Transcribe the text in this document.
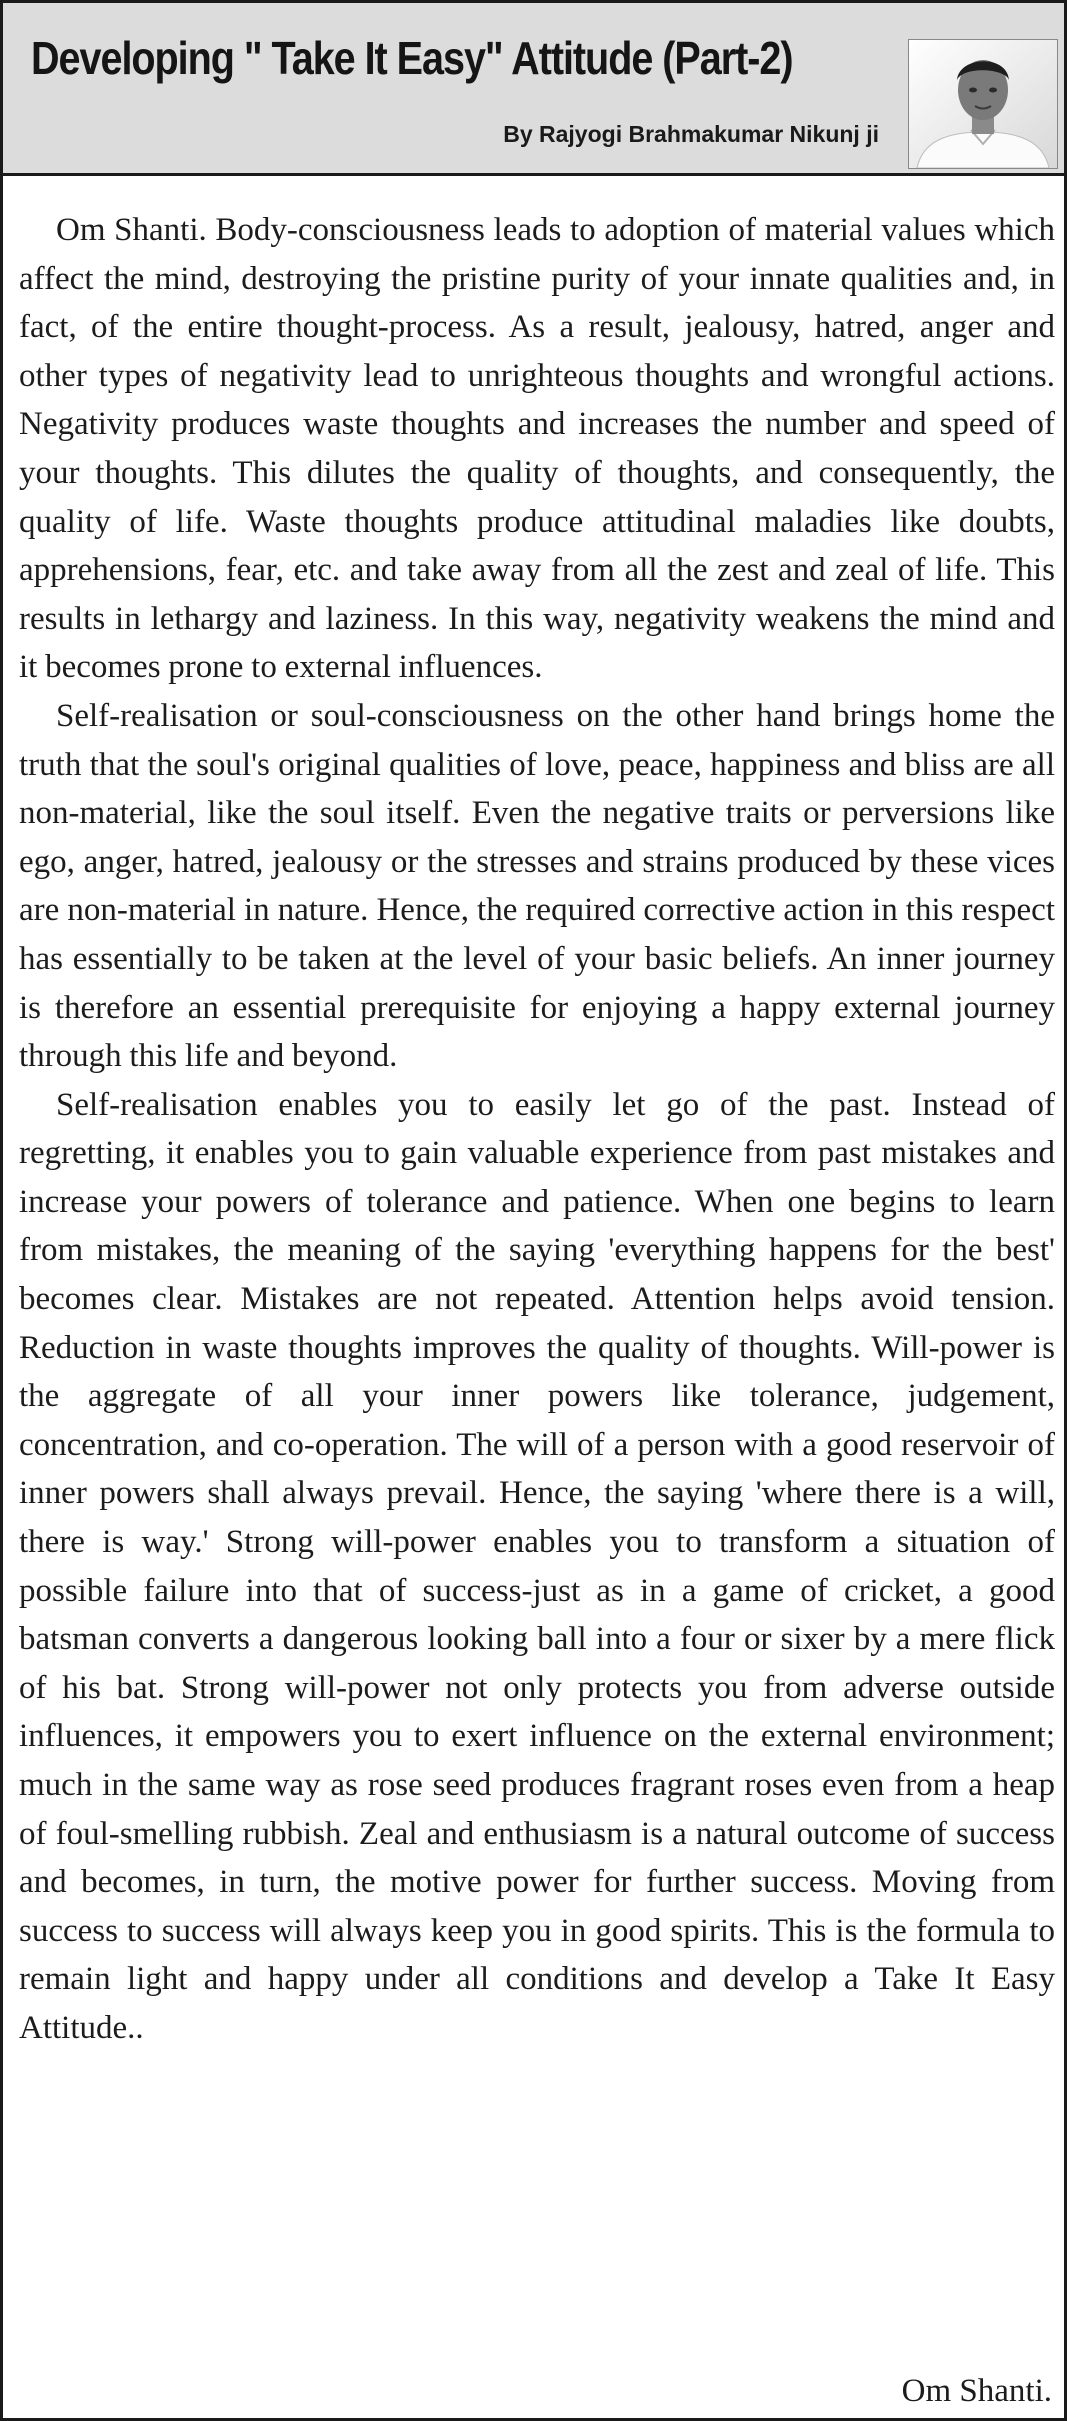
Developing " Take It Easy" Attitude (Part-2)
By Rajyogi Brahmakumar Nikunj ji

Om Shanti. Body-consciousness leads to adoption of material values which affect the mind, destroying the pristine purity of your innate qualities and, in fact, of the entire thought-process. As a result, jealousy, hatred, anger and other types of negativity lead to unrighteous thoughts and wrongful actions. Negativity produces waste thoughts and increases the number and speed of your thoughts. This dilutes the quality of thoughts, and consequently, the quality of life. Waste thoughts produce attitudinal maladies like doubts, apprehensions, fear, etc. and take away from all the zest and zeal of life. This results in lethargy and laziness. In this way, negativity weakens the mind and it becomes prone to external influences.

Self-realisation or soul-consciousness on the other hand brings home the truth that the soul's original qualities of love, peace, happiness and bliss are all non-material, like the soul itself. Even the negative traits or perversions like ego, anger, hatred, jealousy or the stresses and strains produced by these vices are non-material in nature. Hence, the required corrective action in this respect has essentially to be taken at the level of your basic beliefs. An inner journey is therefore an essential prerequisite for enjoying a happy external journey through this life and beyond.

Self-realisation enables you to easily let go of the past. Instead of regretting, it enables you to gain valuable experience from past mistakes and increase your powers of tolerance and patience. When one begins to learn from mistakes, the meaning of the saying 'everything happens for the best' becomes clear. Mistakes are not repeated. Attention helps avoid tension. Reduction in waste thoughts improves the quality of thoughts. Will-power is the aggregate of all your inner powers like tolerance, judgement, concentration, and co-operation. The will of a person with a good reservoir of inner powers shall always prevail. Hence, the saying 'where there is a will, there is way.' Strong will-power enables you to transform a situation of possible failure into that of success-just as in a game of cricket, a good batsman converts a dangerous looking ball into a four or sixer by a mere flick of his bat. Strong will-power not only protects you from adverse outside influences, it empowers you to exert influence on the external environment; much in the same way as rose seed produces fragrant roses even from a heap of foul-smelling rubbish. Zeal and enthusiasm is a natural outcome of success and becomes, in turn, the motive power for further success. Moving from success to success will always keep you in good spirits. This is the formula to remain light and happy under all conditions and develop a Take It Easy Attitude..

Om Shanti.
